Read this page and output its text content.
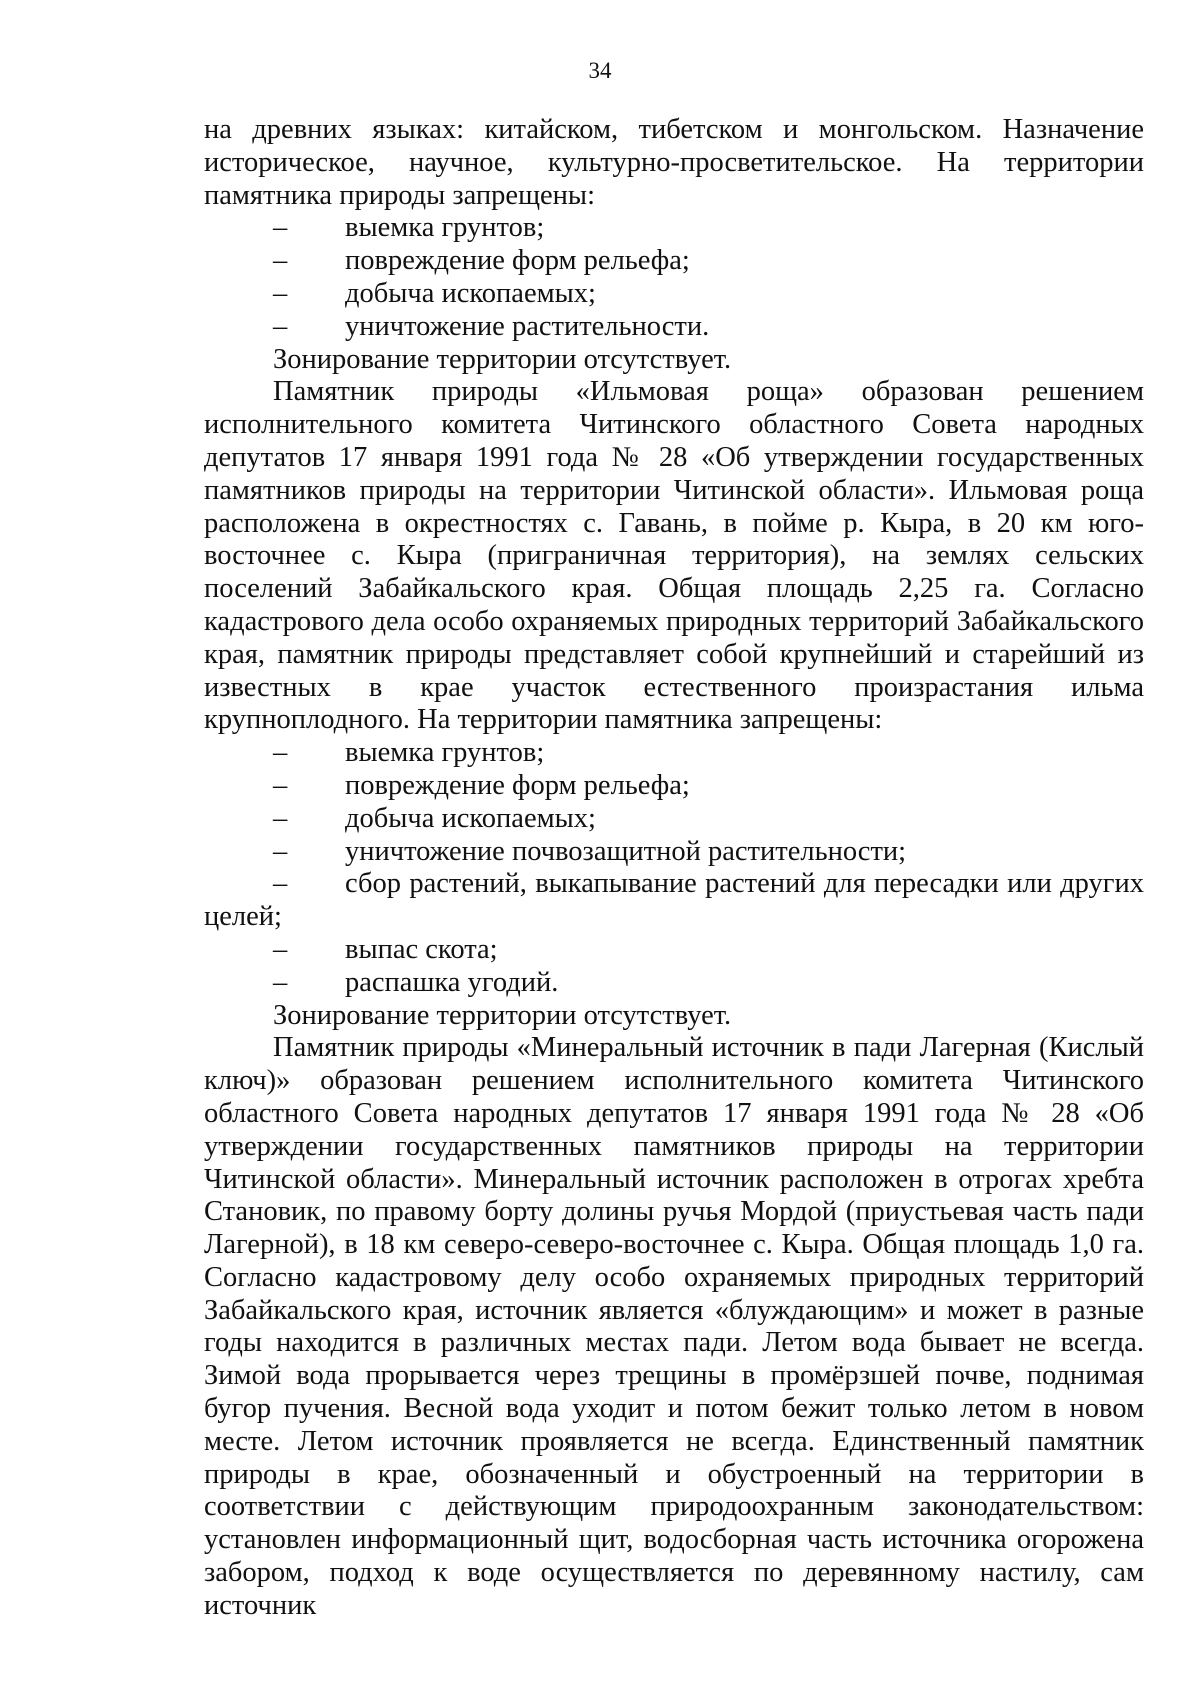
34

на древних языках: китайском, тибетском и монгольском. Назначение историческое, научное, культурно-просветительское. На территории памятника природы запрещены:

– выемка грунтов;
– повреждение форм рельефа;
– добыча ископаемых;
– уничтожение растительности.

Зонирование территории отсутствует.

Памятник природы «Ильмовая роща» образован решением исполнительного комитета Читинского областного Совета народных депутатов 17 января 1991 года № 28 «Об утверждении государственных памятников природы на территории Читинской области». Ильмовая роща расположена в окрестностях с. Гавань, в пойме р. Кыра, в 20 км юго-восточнее с. Кыра (приграничная территория), на землях сельских поселений Забайкальского края. Общая площадь 2,25 га. Согласно кадастрового дела особо охраняемых природных территорий Забайкальского края, памятник природы представляет собой крупнейший и старейший из известных в крае участок естественного произрастания ильма крупноплодного. На территории памятника запрещены:

– выемка грунтов;
– повреждение форм рельефа;
– добыча ископаемых;
– уничтожение почвозащитной растительности;
– сбор растений, выкапывание растений для пересадки или других целей;
– выпас скота;
– распашка угодий.

Зонирование территории отсутствует.

Памятник природы «Минеральный источник в пади Лагерная (Кислый ключ)» образован решением исполнительного комитета Читинского областного Совета народных депутатов 17 января 1991 года № 28 «Об утверждении государственных памятников природы на территории Читинской области». Минеральный источник расположен в отрогах хребта Становик, по правому борту долины ручья Мордой (приустьевая часть пади Лагерной), в 18 км северо-северо-восточнее с. Кыра. Общая площадь 1,0 га. Согласно кадастровому делу особо охраняемых природных территорий Забайкальского края, источник является «блуждающим» и может в разные годы находится в различных местах пади. Летом вода бывает не всегда. Зимой вода прорывается через трещины в промёрзшей почве, поднимая бугор пучения. Весной вода уходит и потом бежит только летом в новом месте. Летом источник проявляется не всегда. Единственный памятник природы в крае, обозначенный и обустроенный на территории в соответствии с действующим природоохранным законодательством: установлен информационный щит, водосборная часть источника огорожена забором, подход к воде осуществляется по деревянному настилу, сам источник
